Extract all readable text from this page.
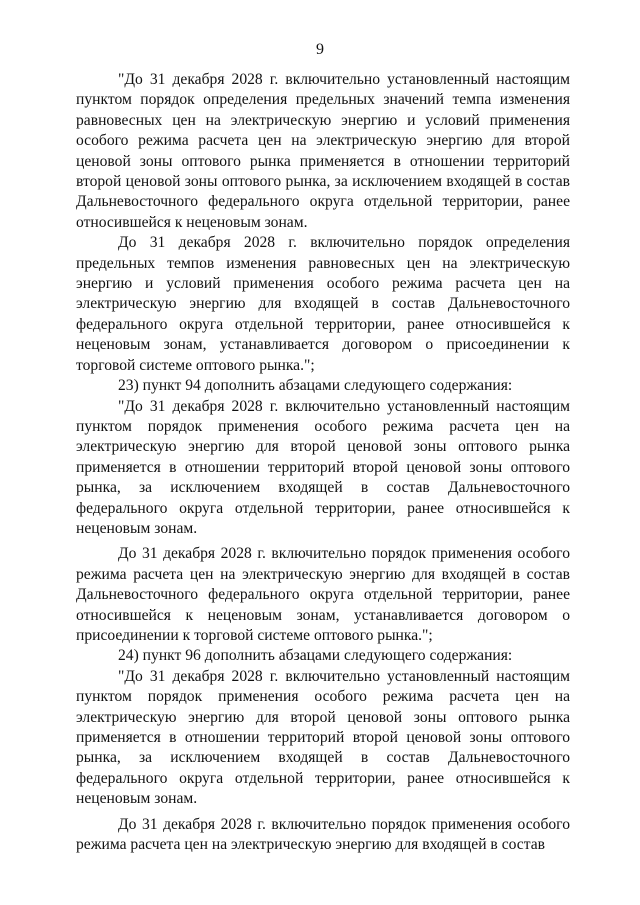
9

"До 31 декабря 2028 г. включительно установленный настоящим пунктом порядок определения предельных значений темпа изменения равновесных цен на электрическую энергию и условий применения особого режима расчета цен на электрическую энергию для второй ценовой зоны оптового рынка применяется в отношении территорий второй ценовой зоны оптового рынка, за исключением входящей в состав Дальневосточного федерального округа отдельной территории, ранее относившейся к неценовым зонам.

До 31 декабря 2028 г. включительно порядок определения предельных темпов изменения равновесных цен на электрическую энергию и условий применения особого режима расчета цен на электрическую энергию для входящей в состав Дальневосточного федерального округа отдельной территории, ранее относившейся к неценовым зонам, устанавливается договором о присоединении к торговой системе оптового рынка.";

23) пункт 94 дополнить абзацами следующего содержания:

"До 31 декабря 2028 г. включительно установленный настоящим пунктом порядок применения особого режима расчета цен на электрическую энергию для второй ценовой зоны оптового рынка применяется в отношении территорий второй ценовой зоны оптового рынка, за исключением входящей в состав Дальневосточного федерального округа отдельной территории, ранее относившейся к неценовым зонам.

До 31 декабря 2028 г. включительно порядок применения особого режима расчета цен на электрическую энергию для входящей в состав Дальневосточного федерального округа отдельной территории, ранее относившейся к неценовым зонам, устанавливается договором о присоединении к торговой системе оптового рынка.";

24) пункт 96 дополнить абзацами следующего содержания:

"До 31 декабря 2028 г. включительно установленный настоящим пунктом порядок применения особого режима расчета цен на электрическую энергию для второй ценовой зоны оптового рынка применяется в отношении территорий второй ценовой зоны оптового рынка, за исключением входящей в состав Дальневосточного федерального округа отдельной территории, ранее относившейся к неценовым зонам.

До 31 декабря 2028 г. включительно порядок применения особого режима расчета цен на электрическую энергию для входящей в состав
